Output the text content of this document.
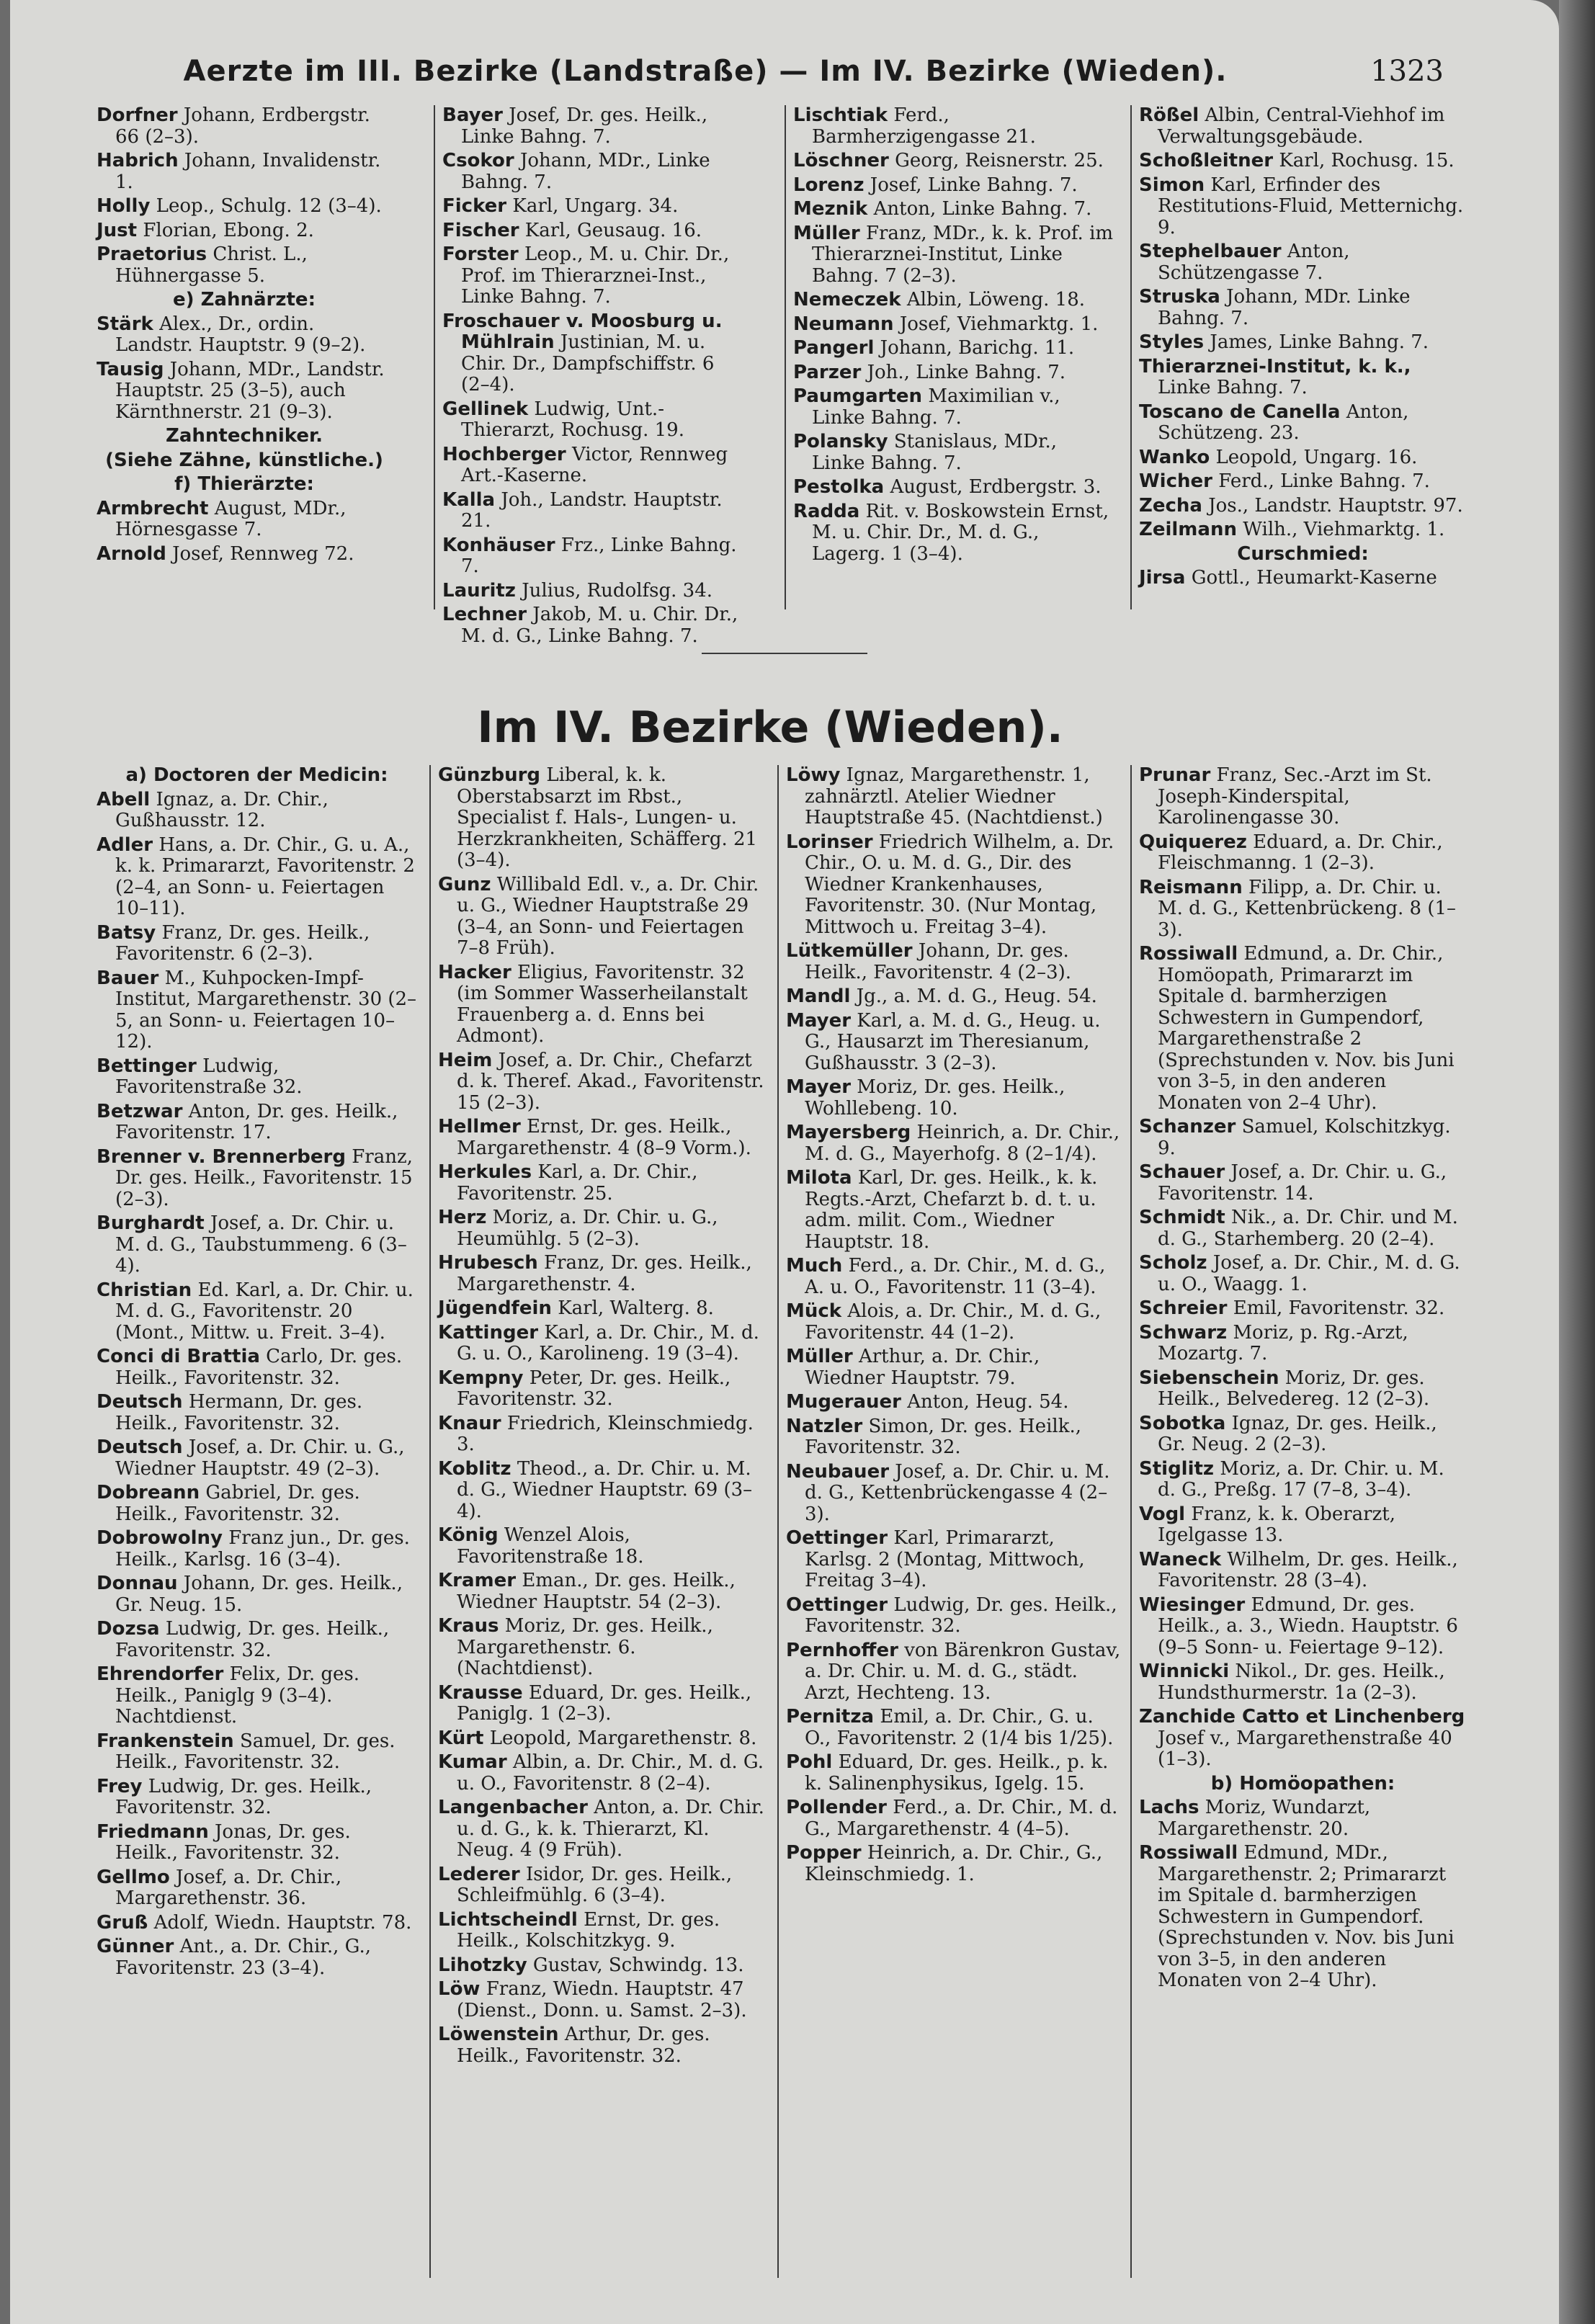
Aerzte im III. Bezirke (Landstraße) — Im IV. Bezirke (Wieden).	1323

Dorfner Johann, Erdbergstr. 66 (2–3).

Habrich Johann, Invalidenstr. 1.

Holly Leop., Schulg. 12 (3–4).

Just Florian, Ebong. 2.

Praetorius Christ. L., Hühnergasse 5.

e) Zahnärzte:

Stärk Alex., Dr., ordin. Landstr. Hauptstr. 9 (9–2).

Tausig Johann, MDr., Landstr. Hauptstr. 25 (3–5), auch Kärnthnerstr. 21 (9–3).

Zahntechniker.

(Siehe Zähne, künstliche.)

f) Thierärzte:

Armbrecht August, MDr., Hörnesgasse 7.

Arnold Josef, Rennweg 72.

Bayer Josef, Dr. ges. Heilk., Linke Bahng. 7.

Csokor Johann, MDr., Linke Bahng. 7.

Ficker Karl, Ungarg. 34.

Fischer Karl, Geusaug. 16.

Forster Leop., M. u. Chir. Dr., Prof. im Thierarznei-Inst., Linke Bahng. 7.

Froschauer v. Moosburg u. Mühlrain Justinian, M. u. Chir. Dr., Dampfschiffstr. 6 (2–4).

Gellinek Ludwig, Unt.-Thierarzt, Rochusg. 19.

Hochberger Victor, Rennweg Art.-Kaserne.

Kalla Joh., Landstr. Hauptstr. 21.

Konhäuser Frz., Linke Bahng. 7.

Lauritz Julius, Rudolfsg. 34.

Lechner Jakob, M. u. Chir. Dr., M. d. G., Linke Bahng. 7.

Lischtiak Ferd., Barmherzigengasse 21.

Löschner Georg, Reisnerstr. 25.

Lorenz Josef, Linke Bahng. 7.

Meznik Anton, Linke Bahng. 7.

Müller Franz, MDr., k. k. Prof. im Thierarznei-Institut, Linke Bahng. 7 (2–3).

Nemeczek Albin, Löweng. 18.

Neumann Josef, Viehmarktg. 1.

Pangerl Johann, Barichg. 11.

Parzer Joh., Linke Bahng. 7.

Paumgarten Maximilian v., Linke Bahng. 7.

Polansky Stanislaus, MDr., Linke Bahng. 7.

Pestolka August, Erdbergstr. 3.

Radda Rit. v. Boskowstein Ernst, M. u. Chir. Dr., M. d. G., Lagerg. 1 (3–4).

Rößel Albin, Central-Viehhof im Verwaltungsgebäude.

Schoßleitner Karl, Rochusg. 15.

Simon Karl, Erfinder des Restitutions-Fluid, Metternichg. 9.

Stephelbauer Anton, Schützengasse 7.

Struska Johann, MDr. Linke Bahng. 7.

Styles James, Linke Bahng. 7.

Thierarznei-Institut, k. k., Linke Bahng. 7.

Toscano de Canella Anton, Schützeng. 23.

Wanko Leopold, Ungarg. 16.

Wicher Ferd., Linke Bahng. 7.

Zecha Jos., Landstr. Hauptstr. 97.

Zeilmann Wilh., Viehmarktg. 1.

Curschmied:

Jirsa Gottl., Heumarkt-Kaserne

Im IV. Bezirke (Wieden).

a) Doctoren der Medicin:

Abell Ignaz, a. Dr. Chir., Gußhausstr. 12.

Adler Hans, a. Dr. Chir., G. u. A., k. k. Primararzt, Favoritenstr. 2 (2–4, an Sonn- u. Feiertagen 10–11).

Batsy Franz, Dr. ges. Heilk., Favoritenstr. 6 (2–3).

Bauer M., Kuhpocken-Impf-Institut, Margarethenstr. 30 (2–5, an Sonn- u. Feiertagen 10–12).

Bettinger Ludwig, Favoritenstraße 32.

Betzwar Anton, Dr. ges. Heilk., Favoritenstr. 17.

Brenner v. Brennerberg Franz, Dr. ges. Heilk., Favoritenstr. 15 (2–3).

Burghardt Josef, a. Dr. Chir. u. M. d. G., Taubstummeng. 6 (3–4).

Christian Ed. Karl, a. Dr. Chir. u. M. d. G., Favoritenstr. 20 (Mont., Mittw. u. Freit. 3–4).

Conci di Brattia Carlo, Dr. ges. Heilk., Favoritenstr. 32.

Deutsch Hermann, Dr. ges. Heilk., Favoritenstr. 32.

Deutsch Josef, a. Dr. Chir. u. G., Wiedner Hauptstr. 49 (2–3).

Dobreann Gabriel, Dr. ges. Heilk., Favoritenstr. 32.

Dobrowolny Franz jun., Dr. ges. Heilk., Karlsg. 16 (3–4).

Donnau Johann, Dr. ges. Heilk., Gr. Neug. 15.

Dozsa Ludwig, Dr. ges. Heilk., Favoritenstr. 32.

Ehrendorfer Felix, Dr. ges. Heilk., Paniglg 9 (3–4). Nachtdienst.

Frankenstein Samuel, Dr. ges. Heilk., Favoritenstr. 32.

Frey Ludwig, Dr. ges. Heilk., Favoritenstr. 32.

Friedmann Jonas, Dr. ges. Heilk., Favoritenstr. 32.

Gellmo Josef, a. Dr. Chir., Margarethenstr. 36.

Gruß Adolf, Wiedn. Hauptstr. 78.

Günner Ant., a. Dr. Chir., G., Favoritenstr. 23 (3–4).

Günzburg Liberal, k. k. Oberstabsarzt im Rbst., Specialist f. Hals-, Lungen- u. Herzkrankheiten, Schäfferg. 21 (3–4).

Gunz Willibald Edl. v., a. Dr. Chir. u. G., Wiedner Hauptstraße 29 (3–4, an Sonn- und Feiertagen 7–8 Früh).

Hacker Eligius, Favoritenstr. 32 (im Sommer Wasserheilanstalt Frauenberg a. d. Enns bei Admont).

Heim Josef, a. Dr. Chir., Chefarzt d. k. Theref. Akad., Favoritenstr. 15 (2–3).

Hellmer Ernst, Dr. ges. Heilk., Margarethenstr. 4 (8–9 Vorm.).

Herkules Karl, a. Dr. Chir., Favoritenstr. 25.

Herz Moriz, a. Dr. Chir. u. G., Heumühlg. 5 (2–3).

Hrubesch Franz, Dr. ges. Heilk., Margarethenstr. 4.

Jügendfein Karl, Walterg. 8.

Kattinger Karl, a. Dr. Chir., M. d. G. u. O., Karolineng. 19 (3–4).

Kempny Peter, Dr. ges. Heilk., Favoritenstr. 32.

Knaur Friedrich, Kleinschmiedg. 3.

Koblitz Theod., a. Dr. Chir. u. M. d. G., Wiedner Hauptstr. 69 (3–4).

König Wenzel Alois, Favoritenstraße 18.

Kramer Eman., Dr. ges. Heilk., Wiedner Hauptstr. 54 (2–3).

Kraus Moriz, Dr. ges. Heilk., Margarethenstr. 6. (Nachtdienst).

Krausse Eduard, Dr. ges. Heilk., Paniglg. 1 (2–3).

Kürt Leopold, Margarethenstr. 8.

Kumar Albin, a. Dr. Chir., M. d. G. u. O., Favoritenstr. 8 (2–4).

Langenbacher Anton, a. Dr. Chir. u. d. G., k. k. Thierarzt, Kl. Neug. 4 (9 Früh).

Lederer Isidor, Dr. ges. Heilk., Schleifmühlg. 6 (3–4).

Lichtscheindl Ernst, Dr. ges. Heilk., Kolschitzkyg. 9.

Lihotzky Gustav, Schwindg. 13.

Löw Franz, Wiedn. Hauptstr. 47 (Dienst., Donn. u. Samst. 2–3).

Löwenstein Arthur, Dr. ges. Heilk., Favoritenstr. 32.

Löwy Ignaz, Margarethenstr. 1, zahnärztl. Atelier Wiedner Hauptstraße 45. (Nachtdienst.)

Lorinser Friedrich Wilhelm, a. Dr. Chir., O. u. M. d. G., Dir. des Wiedner Krankenhauses, Favoritenstr. 30. (Nur Montag, Mittwoch u. Freitag 3–4).

Lütkemüller Johann, Dr. ges. Heilk., Favoritenstr. 4 (2–3).

Mandl Jg., a. M. d. G., Heug. 54.

Mayer Karl, a. M. d. G., Heug. u. G., Hausarzt im Theresianum, Gußhausstr. 3 (2–3).

Mayer Moriz, Dr. ges. Heilk., Wohllebeng. 10.

Mayersberg Heinrich, a. Dr. Chir., M. d. G., Mayerhofg. 8 (2–1/4).

Milota Karl, Dr. ges. Heilk., k. k. Regts.-Arzt, Chefarzt b. d. t. u. adm. milit. Com., Wiedner Hauptstr. 18.

Much Ferd., a. Dr. Chir., M. d. G., A. u. O., Favoritenstr. 11 (3–4).

Mück Alois, a. Dr. Chir., M. d. G., Favoritenstr. 44 (1–2).

Müller Arthur, a. Dr. Chir., Wiedner Hauptstr. 79.

Mugerauer Anton, Heug. 54.

Natzler Simon, Dr. ges. Heilk., Favoritenstr. 32.

Neubauer Josef, a. Dr. Chir. u. M. d. G., Kettenbrückengasse 4 (2–3).

Oettinger Karl, Primararzt, Karlsg. 2 (Montag, Mittwoch, Freitag 3–4).

Oettinger Ludwig, Dr. ges. Heilk., Favoritenstr. 32.

Pernhoffer von Bärenkron Gustav, a. Dr. Chir. u. M. d. G., städt. Arzt, Hechteng. 13.

Pernitza Emil, a. Dr. Chir., G. u. O., Favoritenstr. 2 (1/4 bis 1/25).

Pohl Eduard, Dr. ges. Heilk., p. k. k. Salinenphysikus, Igelg. 15.

Pollender Ferd., a. Dr. Chir., M. d. G., Margarethenstr. 4 (4–5).

Popper Heinrich, a. Dr. Chir., G., Kleinschmiedg. 1.

Prunar Franz, Sec.-Arzt im St. Joseph-Kinderspital, Karolinengasse 30.

Quiquerez Eduard, a. Dr. Chir., Fleischmanng. 1 (2–3).

Reismann Filipp, a. Dr. Chir. u. M. d. G., Kettenbrückeng. 8 (1–3).

Rossiwall Edmund, a. Dr. Chir., Homöopath, Primararzt im Spitale d. barmherzigen Schwestern in Gumpendorf, Margarethenstraße 2 (Sprechstunden v. Nov. bis Juni von 3–5, in den anderen Monaten von 2–4 Uhr).

Schanzer Samuel, Kolschitzkyg. 9.

Schauer Josef, a. Dr. Chir. u. G., Favoritenstr. 14.

Schmidt Nik., a. Dr. Chir. und M. d. G., Starhemberg. 20 (2–4).

Scholz Josef, a. Dr. Chir., M. d. G. u. O., Waagg. 1.

Schreier Emil, Favoritenstr. 32.

Schwarz Moriz, p. Rg.-Arzt, Mozartg. 7.

Siebenschein Moriz, Dr. ges. Heilk., Belvedereg. 12 (2–3).

Sobotka Ignaz, Dr. ges. Heilk., Gr. Neug. 2 (2–3).

Stiglitz Moriz, a. Dr. Chir. u. M. d. G., Preßg. 17 (7–8, 3–4).

Vogl Franz, k. k. Oberarzt, Igelgasse 13.

Waneck Wilhelm, Dr. ges. Heilk., Favoritenstr. 28 (3–4).

Wiesinger Edmund, Dr. ges. Heilk., a. 3., Wiedn. Hauptstr. 6 (9–5 Sonn- u. Feiertage 9–12).

Winnicki Nikol., Dr. ges. Heilk., Hundsthurmerstr. 1a (2–3).

Zanchide Catto et Linchenberg Josef v., Margarethenstraße 40 (1–3).

b) Homöopathen:

Lachs Moriz, Wundarzt, Margarethenstr. 20.

Rossiwall Edmund, MDr., Margarethenstr. 2; Primararzt im Spitale d. barmherzigen Schwestern in Gumpendorf. (Sprechstunden v. Nov. bis Juni von 3–5, in den anderen Monaten von 2–4 Uhr).
